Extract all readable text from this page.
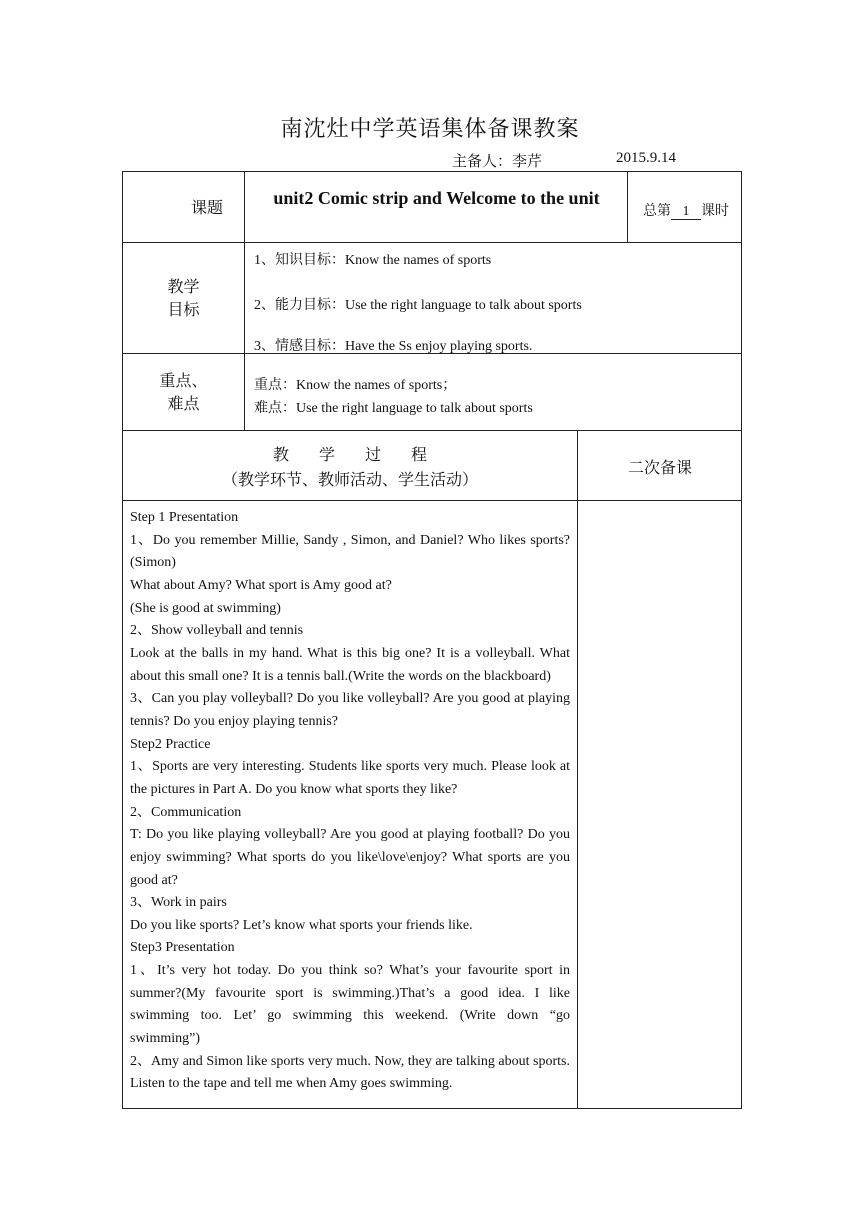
南沈灶中学英语集体备课教案
主备人：李芹	2015.9.14
课题
unit2 Comic strip and Welcome to the unit
总第 1 课时
教学
目标
1、知识目标：Know the names of sports
2、能力目标：Use the right language to talk about sports
3、情感目标：Have the Ss enjoy playing sports.
重点、
难点
重点：Know the names of sports；
难点：Use the right language to talk about sports
教学过程
（教学环节、教师活动、学生活动）
二次备课

Step 1 Presentation

1、Do you remember Millie, Sandy , Simon, and Daniel? Who likes sports?(Simon)

What about Amy? What sport is Amy good at?

(She is good at swimming)

2、Show volleyball and tennis

Look at the balls in my hand. What is this big one? It is a volleyball. What about this small one? It is a tennis ball.(Write the words on the blackboard)

3、Can you play volleyball? Do you like volleyball? Are you good at playing tennis? Do you enjoy playing tennis?

Step2 Practice

1、Sports are very interesting. Students like sports very much. Please look at the pictures in Part A. Do you know what sports they like?

2、Communication

T: Do you like playing volleyball? Are you good at playing football? Do you enjoy swimming? What sports do you like\love\enjoy? What sports are you good at?

3、Work in pairs

Do you like sports? Let’s know what sports your friends like.

Step3 Presentation

1、It’s very hot today. Do you think so? What’s your favourite sport in summer?(My favourite sport is swimming.)That’s a good idea. I like swimming too. Let’ go swimming this weekend. (Write down “go swimming”)

2、Amy and Simon like sports very much. Now, they are talking about sports. Listen to the tape and tell me when Amy goes swimming.
